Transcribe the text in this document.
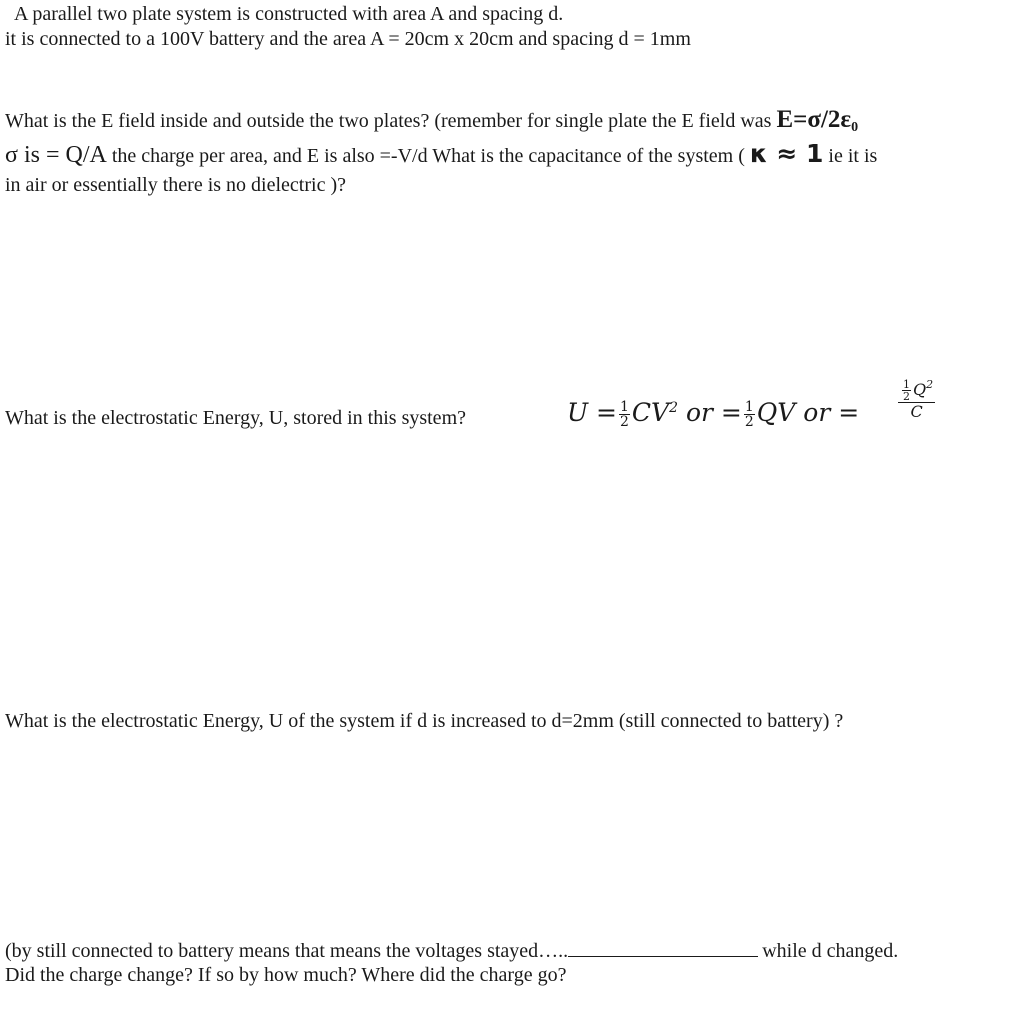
A parallel two plate system is constructed with area A and spacing d.
it is connected to a 100V battery and the area A = 20cm x 20cm and spacing d = 1mm
What is the E field inside and outside the two plates? (remember for single plate the E field was $E=\sigma/2\varepsilon_0$
σ is = Q/A the charge per area, and E is also =-V/d What is the capacitance of the system ( κ ≈ 1 ie it is
in air or essentially there is no dielectric )?
What is the electrostatic Energy, U, stored in this system?	$U = \frac{1}{2} CV^2$ or = $\frac{1}{2}$ QV or =
$\frac{1}{2} Q^2$
C
What is the electrostatic Energy, U of the system if d is increased to d=2mm (still connected to battery) ?
(by still connected to battery means that means the voltages stayed…..	while d changed.
Did the charge change? If so by how much? Where did the charge go?
